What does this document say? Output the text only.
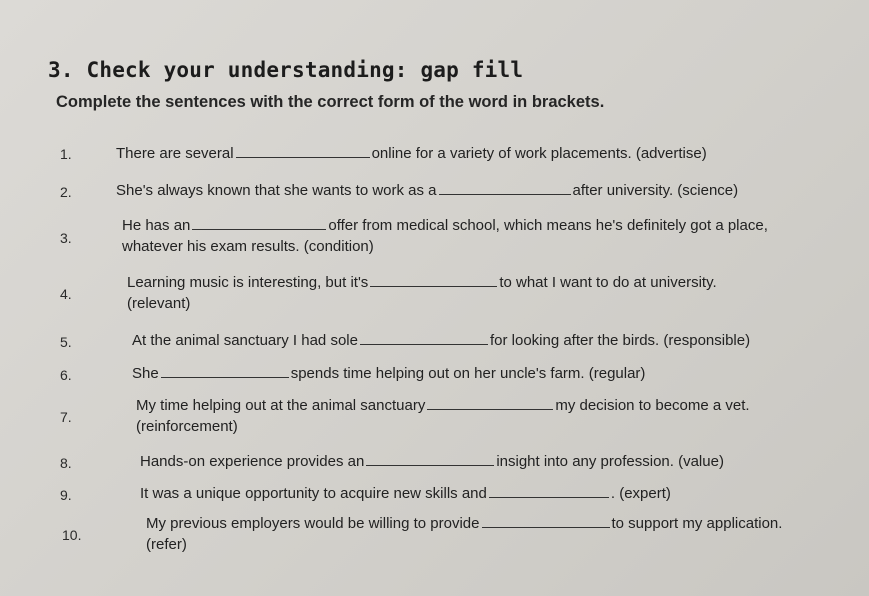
3. Check your understanding: gap fill
Complete the sentences with the correct form of the word in brackets.
1.	There are several	online for a variety of work placements. (advertise)
2.	She's always known that she wants to work as a	after university. (science)
3.
He has an	offer from medical school, which means he's definitely got a place,
whatever his exam results. (condition)
4.
Learning music is interesting, but it's	to what I want to do at university.
(relevant)
5.	At the animal sanctuary I had sole	for looking after the birds. (responsible)
6.	She	spends time helping out on her uncle's farm. (regular)
7.
My time helping out at the animal sanctuary	my decision to become a vet.
(reinforcement)
8.	Hands-on experience provides an	insight into any profession. (value)
9.	It was a unique opportunity to acquire new skills and	. (expert)
10.
My previous employers would be willing to provide	to support my application.
(refer)
